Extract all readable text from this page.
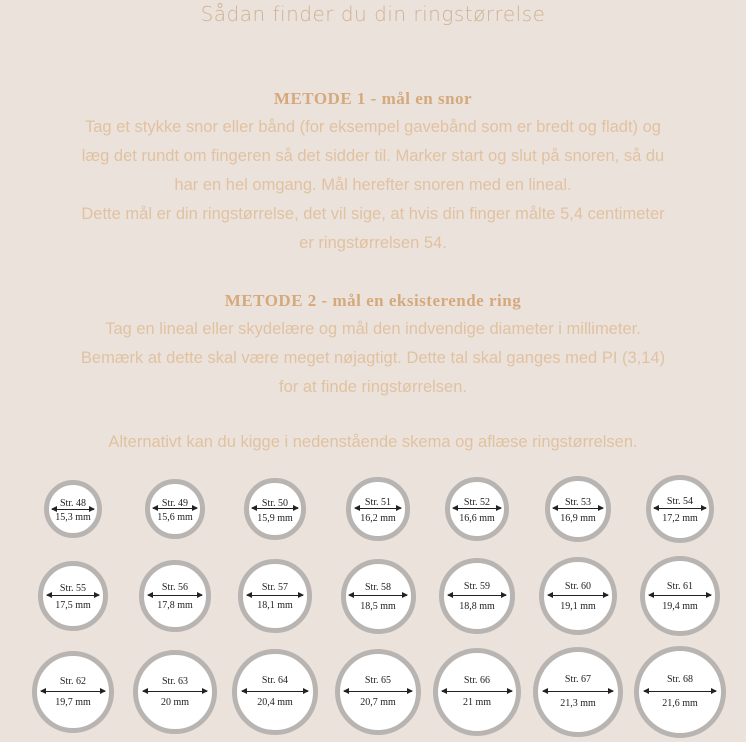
Sådan finder du din ringstørrelse

METODE 1 - mål en snor

Tag et stykke snor eller bånd (for eksempel gavebånd som er bredt og fladt) og

læg det rundt om fingeren så det sidder til. Marker start og slut på snoren, så du

har en hel omgang. Mål herefter snoren med en lineal.

Dette mål er din ringstørrelse, det vil sige, at hvis din finger målte 5,4 centimeter

er ringstørrelsen 54.

METODE 2 - mål en eksisterende ring

Tag en lineal eller skydelære og mål den indvendige diameter i millimeter.

Bemærk at dette skal være meget nøjagtigt. Dette tal skal ganges med PI (3,14)

for at finde ringstørrelsen.

Alternativt kan du kigge i nedenstående skema og aflæse ringstørrelsen.

Str. 48
15,3 mm
Str. 49
15,6 mm
Str. 50
15,9 mm
Str. 51
16,2 mm
Str. 52
16,6 mm
Str. 53
16,9 mm
Str. 54
17,2 mm
Str. 55
17,5 mm
Str. 56
17,8 mm
Str. 57
18,1 mm
Str. 58
18,5 mm
Str. 59
18,8 mm
Str. 60
19,1 mm
Str. 61
19,4 mm
Str. 62
19,7 mm
Str. 63
20 mm
Str. 64
20,4 mm
Str. 65
20,7 mm
Str. 66
21 mm
Str. 67
21,3 mm
Str. 68
21,6 mm
